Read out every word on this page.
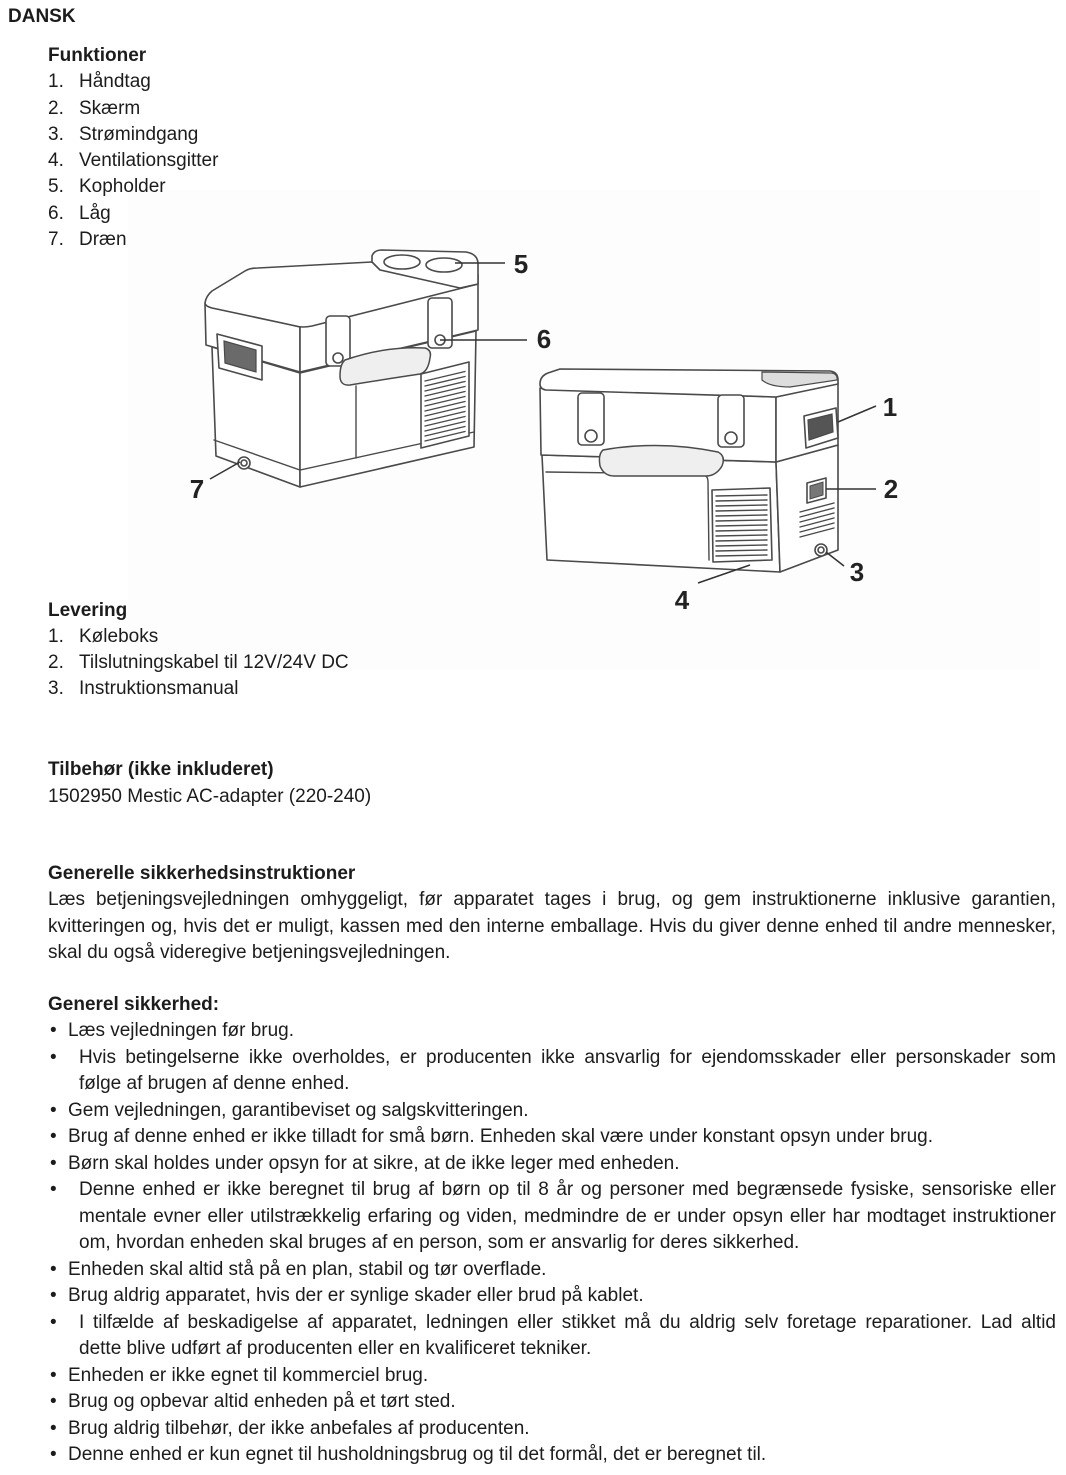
5
6
1
2
3
4
7
DANSK
Funktioner
1. Håndtag
2. Skærm
3. Strømindgang
4. Ventilationsgitter
5. Kopholder
6. Låg
7. Dræn
Levering
1. Køleboks
2. Tilslutningskabel til 12V/24V DC
3. Instruktionsmanual
Tilbehør (ikke inkluderet)
1502950 Mestic AC-adapter (220-240)
Generelle sikkerhedsinstruktioner
Læs betjeningsvejledningen omhyggeligt, før apparatet tages i brug, og gem instruktionerne inklusive garantien,
kvitteringen og, hvis det er muligt, kassen med den interne emballage. Hvis du giver denne enhed til andre mennesker,
skal du også videregive betjeningsvejledningen.
Generel sikkerhed:
•
Læs vejledningen før brug.
•
Hvis betingelserne ikke overholdes, er producenten ikke ansvarlig for ejendomsskader eller personskader som
følge af brugen af denne enhed.
•
Gem vejledningen, garantibeviset og salgskvitteringen.
•
Brug af denne enhed er ikke tilladt for små børn. Enheden skal være under konstant opsyn under brug.
•
Børn skal holdes under opsyn for at sikre, at de ikke leger med enheden.
•
Denne enhed er ikke beregnet til brug af børn op til 8 år og personer med begrænsede fysiske, sensoriske eller
mentale evner eller utilstrækkelig erfaring og viden, medmindre de er under opsyn eller har modtaget instruktioner
om, hvordan enheden skal bruges af en person, som er ansvarlig for deres sikkerhed.
•
Enheden skal altid stå på en plan, stabil og tør overflade.
•
Brug aldrig apparatet, hvis der er synlige skader eller brud på kablet.
•
I tilfælde af beskadigelse af apparatet, ledningen eller stikket må du aldrig selv foretage reparationer. Lad altid
dette blive udført af producenten eller en kvalificeret tekniker.
•
Enheden er ikke egnet til kommerciel brug.
•
Brug og opbevar altid enheden på et tørt sted.
•
Brug aldrig tilbehør, der ikke anbefales af producenten.
•
Denne enhed er kun egnet til husholdningsbrug og til det formål, det er beregnet til.
